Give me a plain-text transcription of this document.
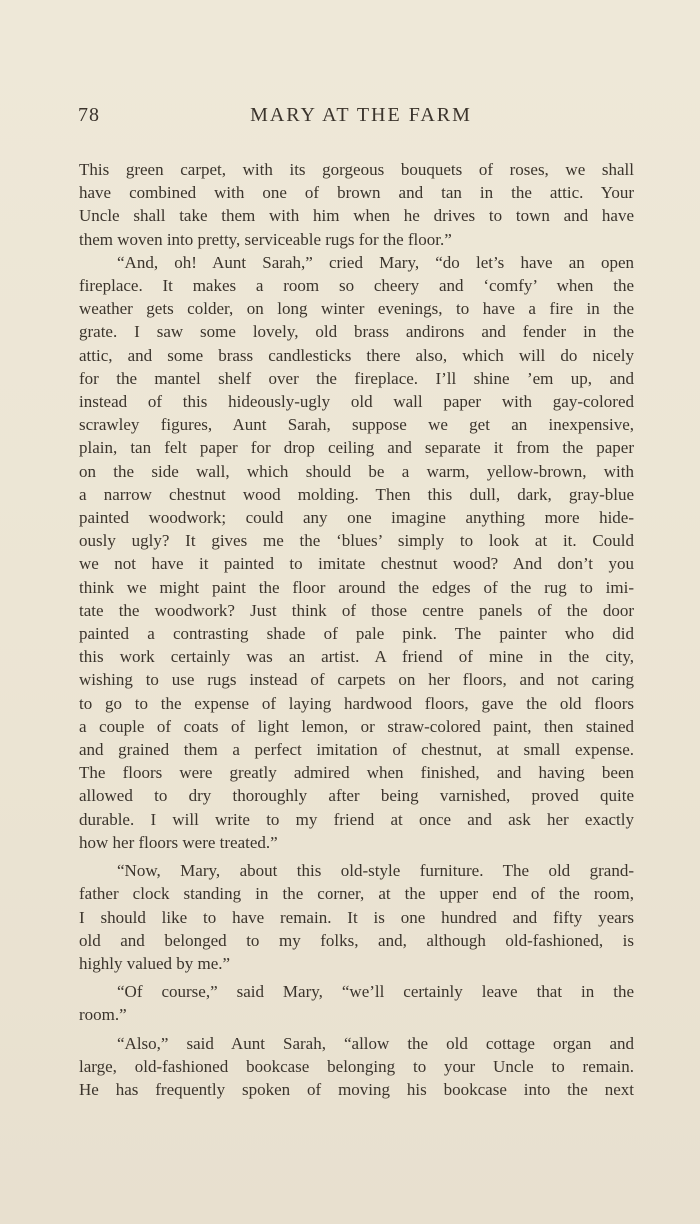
78	MARY AT THE FARM
This green carpet, with its gorgeous bouquets of roses, we shall
have combined with one of brown and tan in the attic. Your
Uncle shall take them with him when he drives to town and have
them woven into pretty, serviceable rugs for the floor.”
“And, oh! Aunt Sarah,” cried Mary, “do let’s have an open
fireplace. It makes a room so cheery and ‘comfy’ when the
weather gets colder, on long winter evenings, to have a fire in the
grate. I saw some lovely, old brass andirons and fender in the
attic, and some brass candlesticks there also, which will do nicely
for the mantel shelf over the fireplace. I’ll shine ’em up, and
instead of this hideously-ugly old wall paper with gay-colored
scrawley figures, Aunt Sarah, suppose we get an inexpensive,
plain, tan felt paper for drop ceiling and separate it from the paper
on the side wall, which should be a warm, yellow-brown, with
a narrow chestnut wood molding. Then this dull, dark, gray-blue
painted woodwork; could any one imagine anything more hide-
ously ugly? It gives me the ‘blues’ simply to look at it. Could
we not have it painted to imitate chestnut wood? And don’t you
think we might paint the floor around the edges of the rug to imi-
tate the woodwork? Just think of those centre panels of the door
painted a contrasting shade of pale pink. The painter who did
this work certainly was an artist. A friend of mine in the city,
wishing to use rugs instead of carpets on her floors, and not caring
to go to the expense of laying hardwood floors, gave the old floors
a couple of coats of light lemon, or straw-colored paint, then stained
and grained them a perfect imitation of chestnut, at small expense.
The floors were greatly admired when finished, and having been
allowed to dry thoroughly after being varnished, proved quite
durable. I will write to my friend at once and ask her exactly
how her floors were treated.”
“Now, Mary, about this old-style furniture. The old grand-
father clock standing in the corner, at the upper end of the room,
I should like to have remain. It is one hundred and fifty years
old and belonged to my folks, and, although old-fashioned, is
highly valued by me.”
“Of course,” said Mary, “we’ll certainly leave that in the
room.”
“Also,” said Aunt Sarah, “allow the old cottage organ and
large, old-fashioned bookcase belonging to your Uncle to remain.
He has frequently spoken of moving his bookcase into the next
